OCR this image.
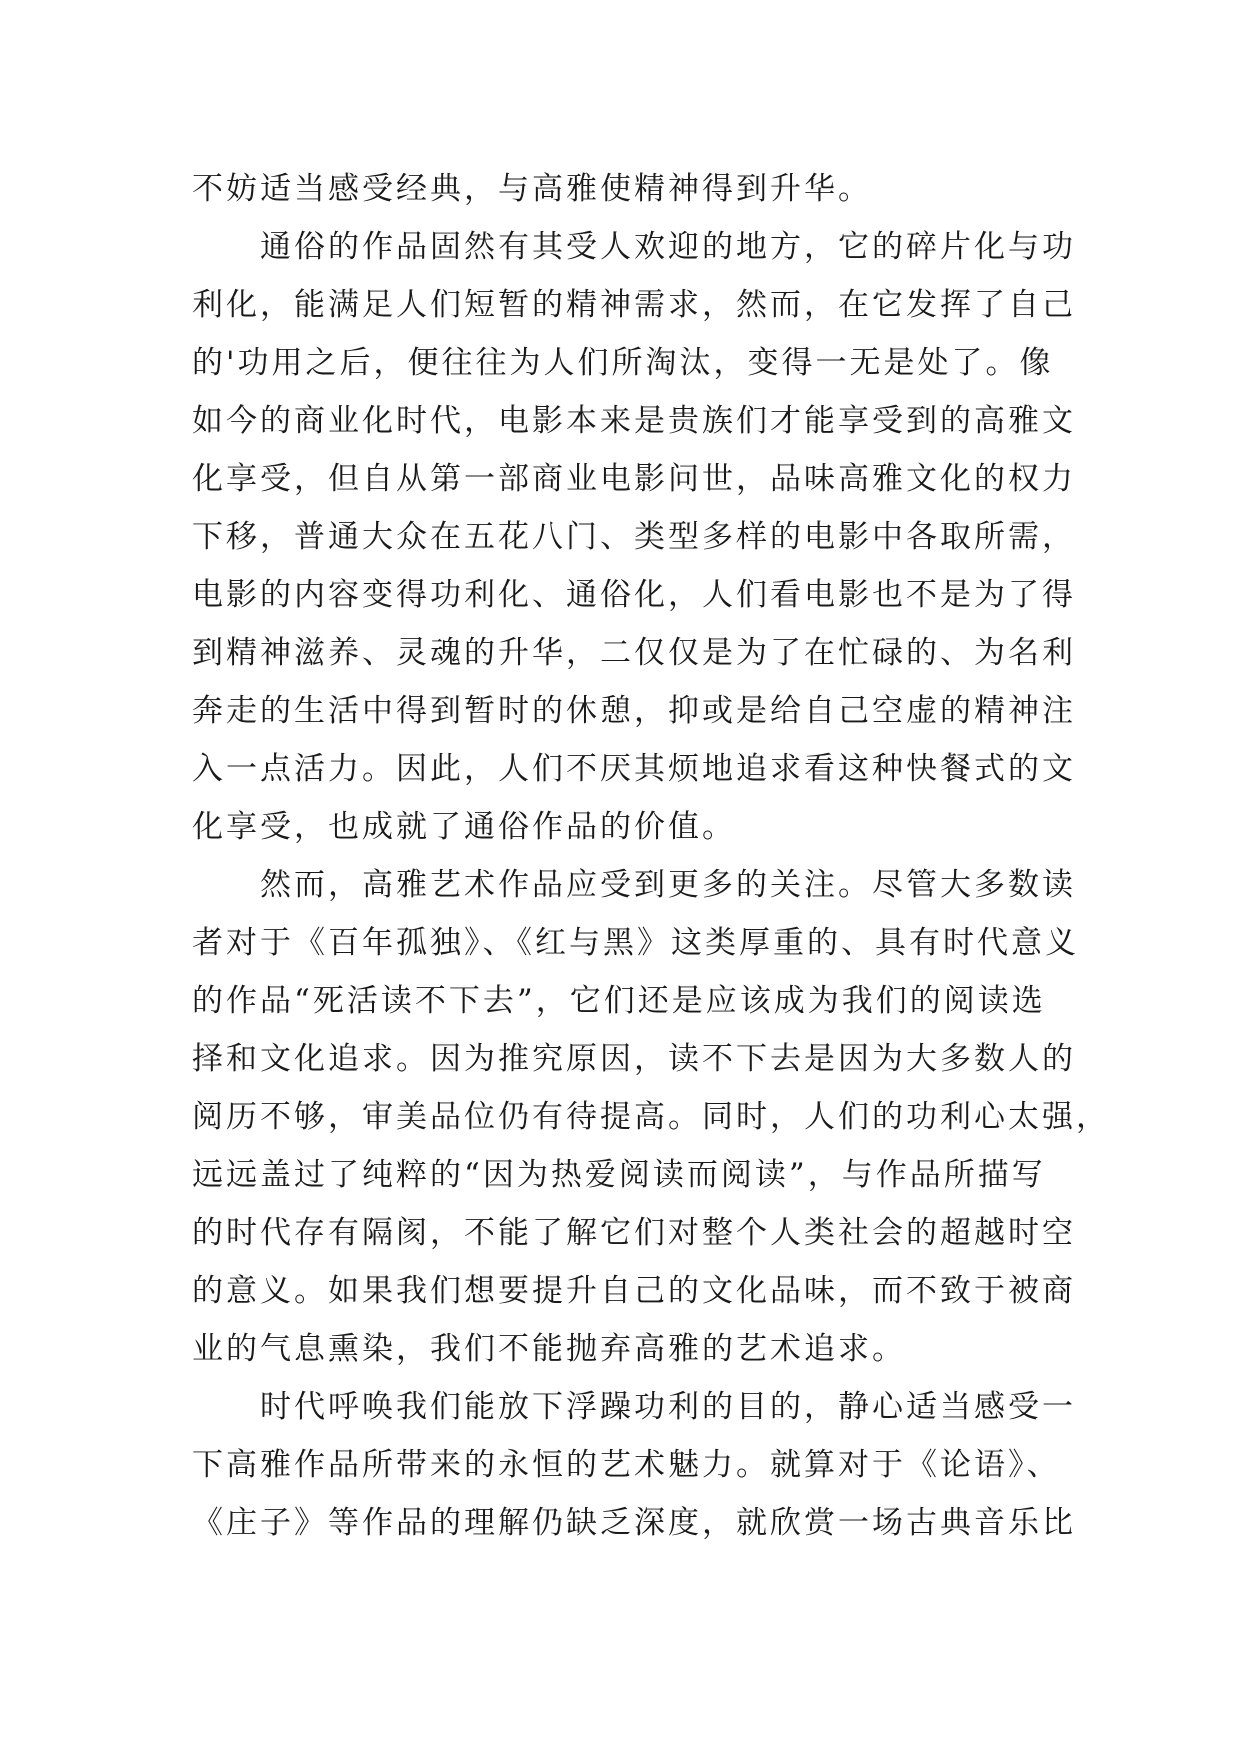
不妨适当感受经典，与高雅使精神得到升华。
通俗的作品固然有其受人欢迎的地方，它的碎片化与功
利化，能满足人们短暂的精神需求，然而，在它发挥了自己
的'功用之后，便往往为人们所淘汰，变得一无是处了。像
如今的商业化时代，电影本来是贵族们才能享受到的高雅文
化享受，但自从第一部商业电影问世，品味高雅文化的权力
下移，普通大众在五花八门、类型多样的电影中各取所需，
电影的内容变得功利化、通俗化，人们看电影也不是为了得
到精神滋养、灵魂的升华，二仅仅是为了在忙碌的、为名利
奔走的生活中得到暂时的休憩，抑或是给自己空虚的精神注
入一点活力。因此，人们不厌其烦地追求看这种快餐式的文
化享受，也成就了通俗作品的价值。
然而，高雅艺术作品应受到更多的关注。尽管大多数读
者对于《百年孤独》、《红与黑》这类厚重的、具有时代意义
的作品“死活读不下去”，它们还是应该成为我们的阅读选
择和文化追求。因为推究原因，读不下去是因为大多数人的
阅历不够，审美品位仍有待提高。同时，人们的功利心太强，
远远盖过了纯粹的“因为热爱阅读而阅读”，与作品所描写
的时代存有隔阂，不能了解它们对整个人类社会的超越时空
的意义。如果我们想要提升自己的文化品味，而不致于被商
业的气息熏染，我们不能抛弃高雅的艺术追求。
时代呼唤我们能放下浮躁功利的目的，静心适当感受一
下高雅作品所带来的永恒的艺术魅力。就算对于《论语》、
《庄子》等作品的理解仍缺乏深度，就欣赏一场古典音乐比
